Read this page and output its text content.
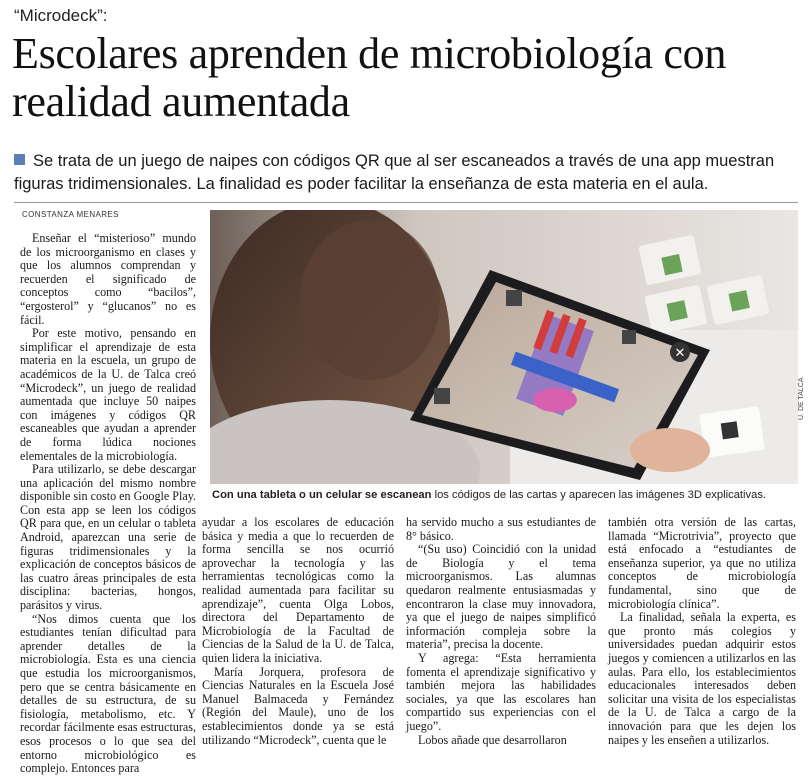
“Microdeck”:
Escolares aprenden de microbiología con realidad aumentada
Se trata de un juego de naipes con códigos QR que al ser escaneados a través de una app muestran figuras tridimensionales. La finalidad es poder facilitar la enseñanza de esta materia en el aula.
CONSTANZA MENARES
✕
U. DE TALCA
Con una tableta o un celular se escanean los códigos de las cartas y aparecen las imágenes 3D explicativas.

Enseñar el “misterioso” mundo de los microorganismo en clases y que los alumnos comprendan y recuerden el significado de conceptos como “bacilos”, “ergosterol” y “glucanos” no es fácil.

Por este motivo, pensando en simplificar el aprendizaje de esta materia en la escuela, un grupo de académicos de la U. de Talca creó “Microdeck”, un juego de realidad aumentada que incluye 50 naipes con imágenes y códigos QR escaneables que ayudan a aprender de forma lúdica nociones elementales de la microbiología.

Para utilizarlo, se debe descargar una aplicación del mismo nombre disponible sin costo en Google Play. Con esta app se leen los códigos QR para que, en un celular o tableta Android, aparezcan una serie de figuras tridimensionales y la explicación de conceptos básicos de las cuatro áreas principales de esta disciplina: bacterias, hongos, parásitos y virus.

“Nos dimos cuenta que los estudiantes tenían dificultad para aprender detalles de la microbiología. Esta es una ciencia que estudia los microorganismos, pero que se centra básicamente en detalles de su estructura, de su fisiología, metabolismo, etc. Y recordar fácilmente esas estructuras, esos procesos o lo que sea del entorno microbiológico es complejo. Entonces para

ayudar a los escolares de educación básica y media a que lo recuerden de forma sencilla se nos ocurrió aprovechar la tecnología y las herramientas tecnológicas como la realidad aumentada para facilitar su aprendizaje”, cuenta Olga Lobos, directora del Departamento de Microbiología de la Facultad de Ciencias de la Salud de la U. de Talca, quien lidera la iniciativa.

María Jorquera, profesora de Ciencias Naturales en la Escuela José Manuel Balmaceda y Fernández (Región del Maule), uno de los establecimientos donde ya se está utilizando “Microdeck”, cuenta que le

ha servido mucho a sus estudiantes de 8° básico.

“(Su uso) Coincidió con la unidad de Biología y el tema microorganismos. Las alumnas quedaron realmente entusiasmadas y encontraron la clase muy innovadora, ya que el juego de naipes simplificó información compleja sobre la materia”, precisa la docente.

Y agrega: “Esta herramienta fomenta el aprendizaje significativo y también mejora las habilidades sociales, ya que las escolares han compartido sus experiencias con el juego”.

Lobos añade que desarrollaron

también otra versión de las cartas, llamada “Microtrivia”, proyecto que está enfocado a “estudiantes de enseñanza superior, ya que no utiliza conceptos de microbiología fundamental, sino que de microbiología clínica”.

La finalidad, señala la experta, es que pronto más colegios y universidades puedan adquirir estos juegos y comiencen a utilizarlos en las aulas. Para ello, los establecimientos educacionales interesados deben solicitar una visita de los especialistas de la U. de Talca a cargo de la innovación para que les dejen los naipes y les enseñen a utilizarlos.
